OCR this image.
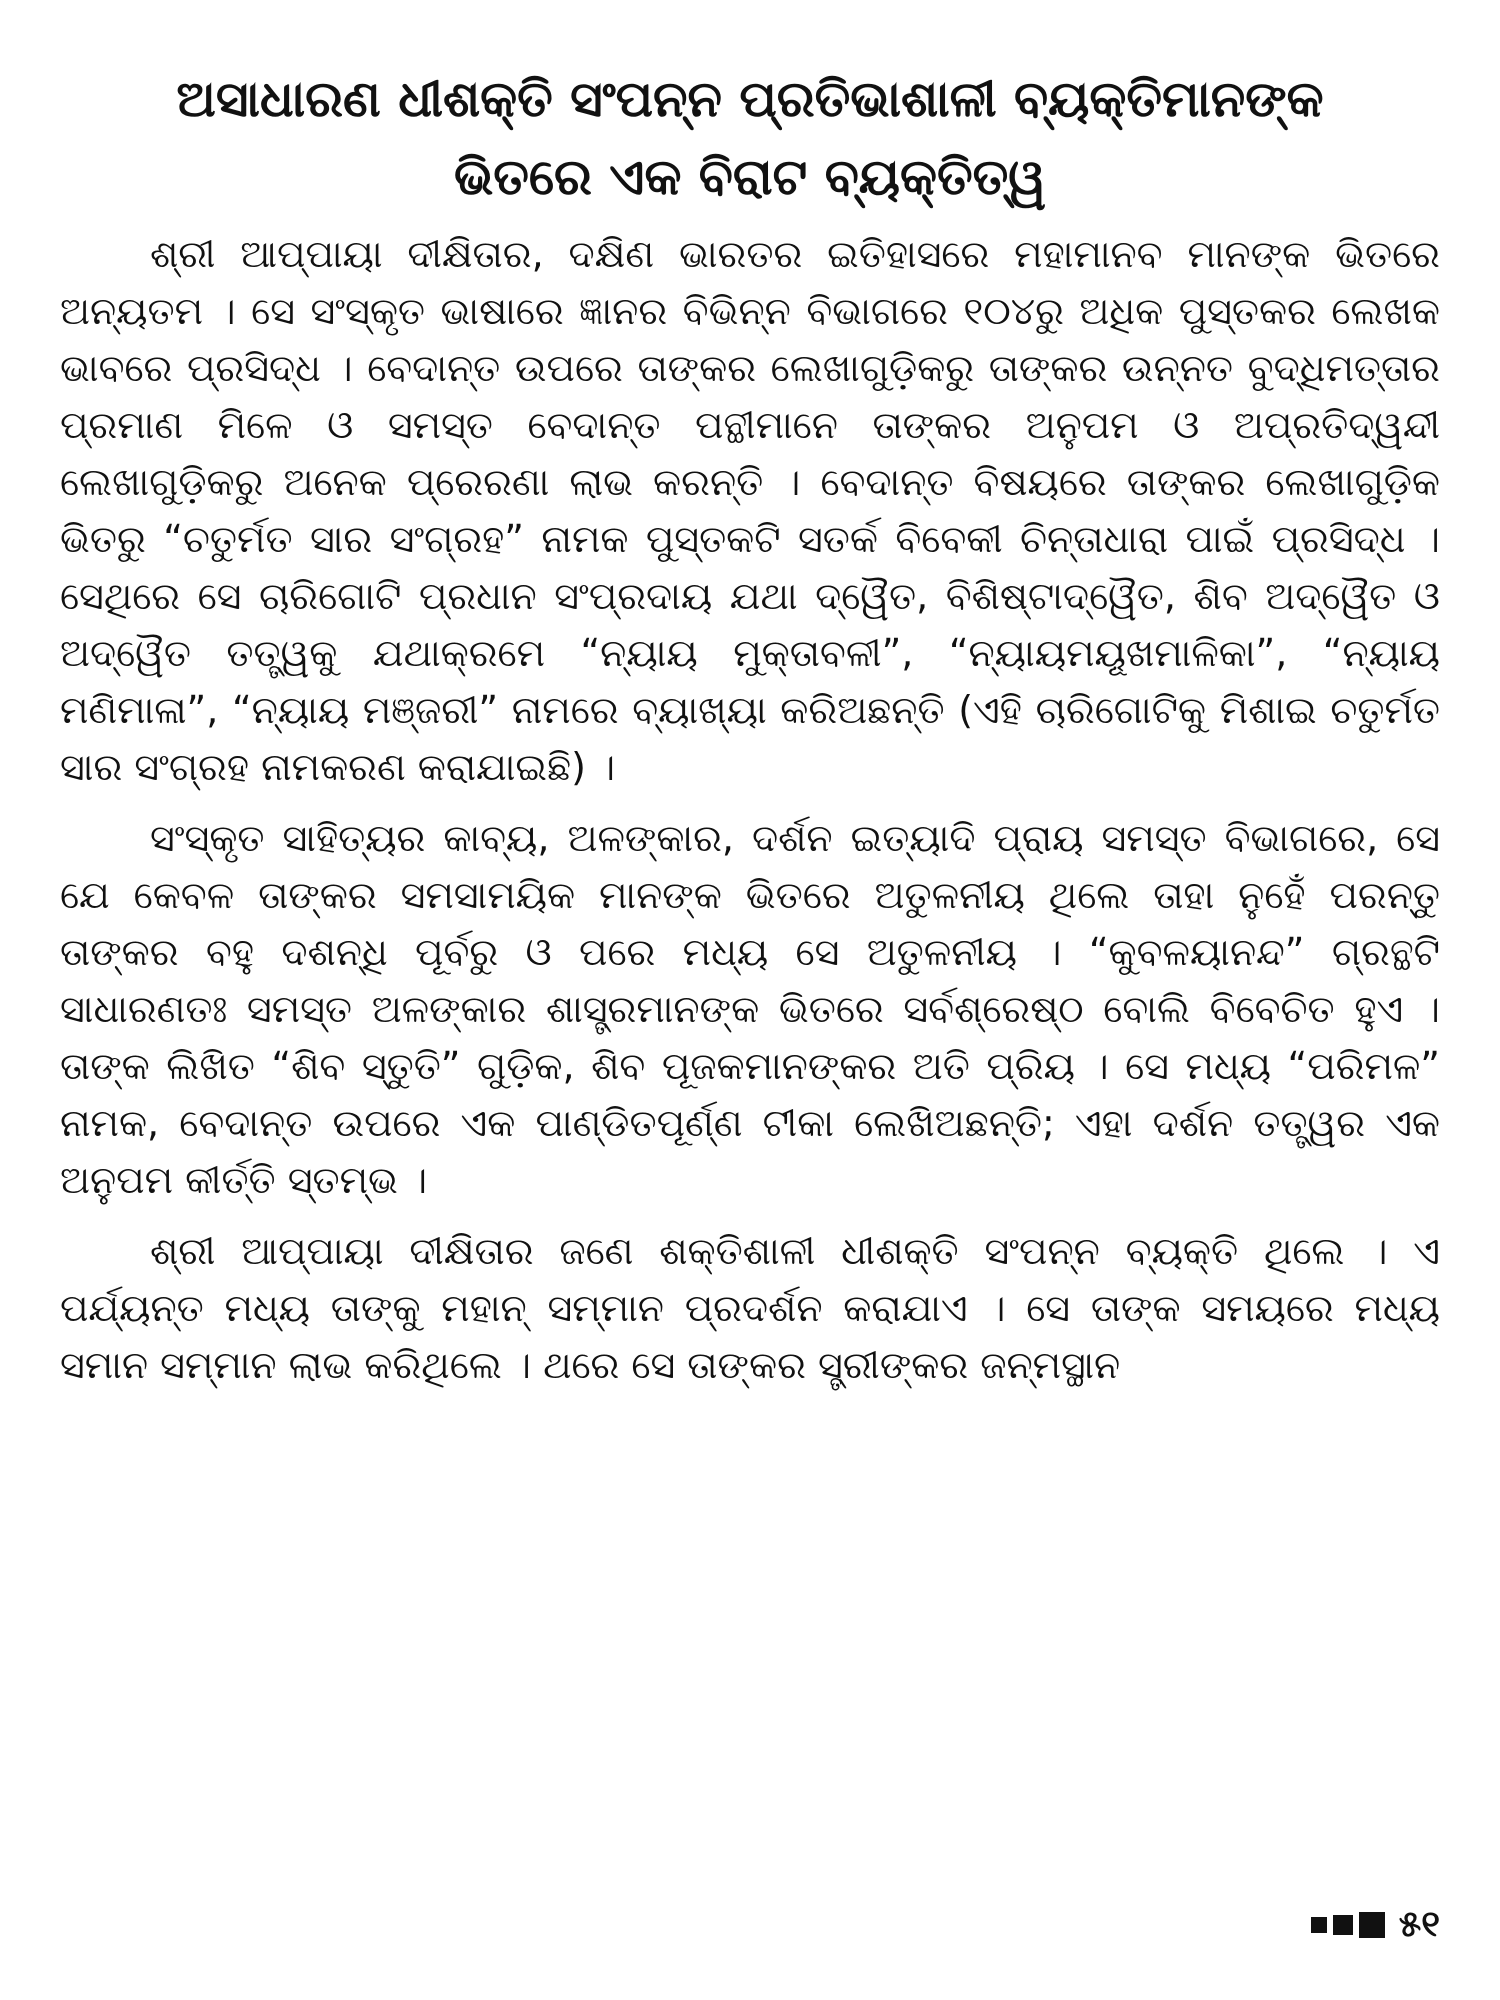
ଅସାଧାରଣ ଧୀଶକ୍ତି ସଂପନ୍ନ ପ୍ରତିଭାଶାଳୀ ବ୍ୟକ୍ତିମାନଙ୍କ
ଭିତରେ ଏକ ବିରାଟ ବ୍ୟକ୍ତିତ୍ୱ

ଶ୍ରୀ ଆପ୍ପାୟା ଦୀକ୍ଷିତାର, ଦକ୍ଷିଣ ଭାରତର ଇତିହାସରେ ମହାମାନବ ମାନଙ୍କ ଭିତରେ ଅନ୍ୟତମ । ସେ ସଂସ୍କୃତ ଭାଷାରେ ଜ୍ଞାନର ବିଭିନ୍ନ ବିଭାଗରେ ୧୦୪ରୁ ଅଧିକ ପୁସ୍ତକର ଲେଖକ ଭାବରେ ପ୍ରସିଦ୍ଧ । ବେଦାନ୍ତ ଉପରେ ତାଙ୍କର ଲେଖାଗୁଡ଼ିକରୁ ତାଙ୍କର ଉନ୍ନତ ବୁଦ୍ଧିମତ୍ତାର ପ୍ରମାଣ ମିଳେ ଓ ସମସ୍ତ ବେଦାନ୍ତ ପନ୍ଥୀମାନେ ତାଙ୍କର ଅନୁପମ ଓ ଅପ୍ରତିଦ୍ୱନ୍ଦୀ ଲେଖାଗୁଡ଼ିକରୁ ଅନେକ ପ୍ରେରଣା ଲାଭ କରନ୍ତି । ବେଦାନ୍ତ ବିଷୟରେ ତାଙ୍କର ଲେଖାଗୁଡ଼ିକ ଭିତରୁ “ଚତୁର୍ମତ ସାର ସଂଗ୍ରହ” ନାମକ ପୁସ୍ତକଟି ସତର୍କ ବିବେକୀ ଚିନ୍ତାଧାରା ପାଇଁ ପ୍ରସିଦ୍ଧ । ସେଥିରେ ସେ ଚାରିଗୋଟି ପ୍ରଧାନ ସଂପ୍ରଦାୟ ଯଥା ଦ୍ୱୈତ, ବିଶିଷ୍ଟାଦ୍ୱୈତ, ଶିବ ଅଦ୍ୱୈତ ଓ ଅଦ୍ୱୈତ ତତ୍ତ୍ୱକୁ ଯଥାକ୍ରମେ “ନ୍ୟାୟ ମୁକ୍ତାବଳୀ”, “ନ୍ୟାୟମୟୂଖମାଳିକା”, “ନ୍ୟାୟ ମଣିମାଳା”, “ନ୍ୟାୟ ମଞ୍ଜରୀ” ନାମରେ ବ୍ୟାଖ୍ୟା କରିଅଛନ୍ତି (ଏହି ଚାରିଗୋଟିକୁ ମିଶାଇ ଚତୁର୍ମତ ସାର ସଂଗ୍ରହ ନାମକରଣ କରାଯାଇଛି) ।

ସଂସ୍କୃତ ସାହିତ୍ୟର କାବ୍ୟ, ଅଳଙ୍କାର, ଦର୍ଶନ ଇତ୍ୟାଦି ପ୍ରାୟ ସମସ୍ତ ବିଭାଗରେ, ସେ ଯେ କେବଳ ତାଙ୍କର ସମସାମୟିକ ମାନଙ୍କ ଭିତରେ ଅତୁଳନୀୟ ଥିଲେ ତାହା ନୁହେଁ ପରନ୍ତୁ ତାଙ୍କର ବହୁ ଦଶନ୍ଧି ପୂର୍ବରୁ ଓ ପରେ ମଧ୍ୟ ସେ ଅତୁଳନୀୟ । “କୁବଳୟାନନ୍ଦ” ଗ୍ରନ୍ଥଟି ସାଧାରଣତଃ ସମସ୍ତ ଅଳଙ୍କାର ଶାସ୍ତ୍ରମାନଙ୍କ ଭିତରେ ସର୍ବଶ୍ରେଷ୍ଠ ବୋଲି ବିବେଚିତ ହୁଏ । ତାଙ୍କ ଲିଖିତ “ଶିବ ସ୍ତୁତି” ଗୁଡ଼ିକ, ଶିବ ପୂଜକମାନଙ୍କର ଅତି ପ୍ରିୟ । ସେ ମଧ୍ୟ “ପରିମଳ” ନାମକ, ବେଦାନ୍ତ ଉପରେ ଏକ ପାଣ୍ଡିତପୂର୍ଣ୍ଣ ଟୀକା ଲେଖିଅଛନ୍ତି; ଏହା ଦର୍ଶନ ତତ୍ତ୍ୱର ଏକ ଅନୁପମ କୀର୍ତ୍ତି ସ୍ତମ୍ଭ ।

ଶ୍ରୀ ଆପ୍ପାୟା ଦୀକ୍ଷିତାର ଜଣେ ଶକ୍ତିଶାଳୀ ଧୀଶକ୍ତି ସଂପନ୍ନ ବ୍ୟକ୍ତି ଥିଲେ । ଏ ପର୍ଯ୍ୟନ୍ତ ମଧ୍ୟ ତାଙ୍କୁ ମହାନ୍ ସମ୍ମାନ ପ୍ରଦର୍ଶନ କରାଯାଏ । ସେ ତାଙ୍କ ସମୟରେ ମଧ୍ୟ ସମାନ ସମ୍ମାନ ଲାଭ କରିଥିଲେ । ଥରେ ସେ ତାଙ୍କର ସ୍ତ୍ରୀଙ୍କର ଜନ୍ମସ୍ଥାନ

୫୧
